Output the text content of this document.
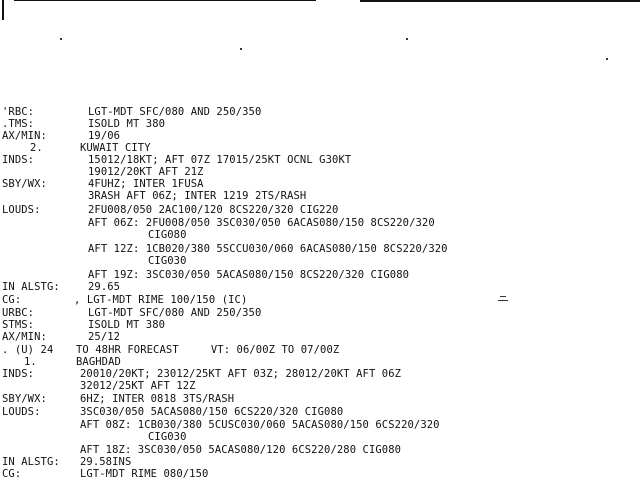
'RBC:	LGT-MDT SFC/080 AND 250/350
.TMS:	ISOLD MT 380
AX/MIN:	19/06
2.	KUWAIT CITY
INDS:	15012/18KT; AFT 07Z 17015/25KT OCNL G30KT
19012/20KT AFT 21Z
SBY/WX:	4FUHZ; INTER 1FUSA
3RASH AFT 06Z; INTER 1219 2TS/RASH
LOUDS:	2FU008/050 2AC100/120 8CS220/320 CIG220
AFT 06Z: 2FU008/050 3SC030/050 6ACAS080/150 8CS220/320
CIG080
AFT 12Z: 1CB020/380 5SCCU030/060 6ACAS080/150 8CS220/320
CIG030
AFT 19Z: 3SC030/050 5ACAS080/150 8CS220/320 CIG080
IN ALSTG:	29.65
CG:	, LGT-MDT RIME 100/150 (IC)
URBC:	LGT-MDT SFC/080 AND 250/350
STMS:	ISOLD MT 380
AX/MIN:	25/12
. (U) 24 TO 48HR FORECAST     VT: 06/00Z TO 07/00Z
1.	BAGHDAD
INDS:	20010/20KT; 23012/25KT AFT 03Z; 28012/20KT AFT 06Z
32012/25KT AFT 12Z
SBY/WX:	6HZ; INTER 0818 3TS/RASH
LOUDS:	3SC030/050 5ACAS080/150 6CS220/320 CIG080
AFT 08Z: 1CB030/380 5CUSC030/060 5ACAS080/150 6CS220/320
CIG030
AFT 18Z: 3SC030/050 5ACAS080/120 6CS220/280 CIG080
IN ALSTG: 29.58INS
CG:	LGT-MDT RIME 080/150
